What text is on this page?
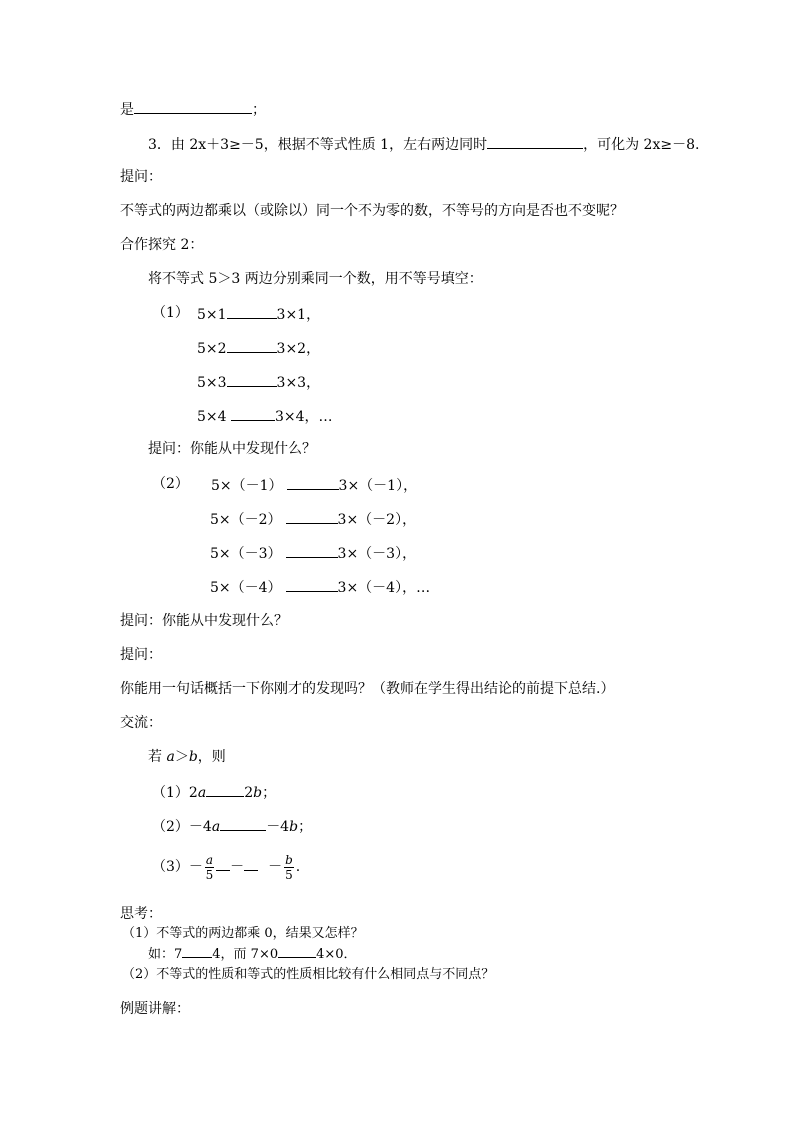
是	；
3．由 2x＋3≥－5，根据不等式性质 1，左右两边同时	，可化为 2x≥－8.
提问：
不等式的两边都乘以（或除以）同一个不为零的数，不等号的方向是否也不变呢？
合作探究 2：
将不等式 5＞3 两边分别乘同一个数，用不等号填空：
（1） 5×1	3×1，
5×2	3×2，
5×3	3×3，
5×4	3×4，…
提问：你能从中发现什么？
（2） 5×（－1）	3×（－1），
5×（－2）	3×（－2），
5×（－3）	3×（－3），
5×（－4）	3×（－4），…
提问：你能从中发现什么？
提问：
你能用一句话概括一下你刚才的发现吗？（教师在学生得出结论的前提下总结.）
交流：
若 a＞b，则
（1）2a	2b；
（2）－4a	－4b；
$(3)- \frac{a}{5}$ － － $\frac{b}{5}$ .
思考：
（1）不等式的两边都乘 0，结果又怎样？
如：7 4，而 7×0	4×0．
（2）不等式的性质和等式的性质相比较有什么相同点与不同点？
例题讲解：
